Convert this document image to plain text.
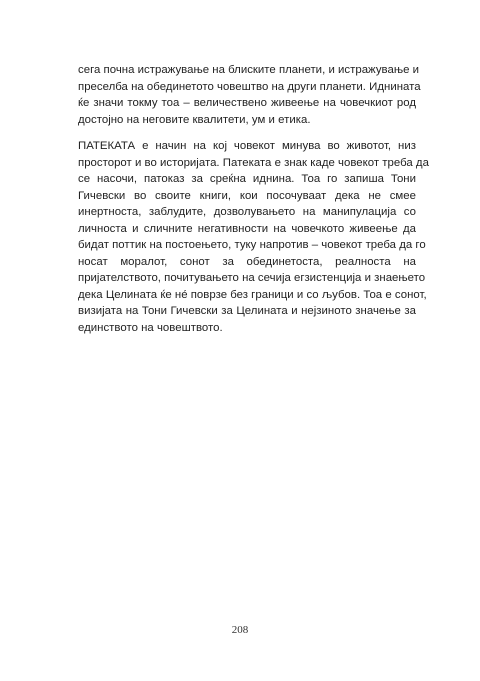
сега почна истражување на блиските планети, и истражување и
преселба на обединетото човештво на други планети. Иднината
ќе значи токму тоа – величествено живеење на човечкиот род
достојно на неговите квалитети, ум и етика.
ПАТЕКАТА е начин на кој човекот минува во животот, низ
просторот и во историјата. Патеката е знак каде човекот треба да
се насочи, патоказ за среќна иднина. Тоа го запиша Тони
Гичевски во своите книги, кои посочуваат дека не смее
инертноста, заблудите, дозволувањето на манипулација со
личноста и сличните негативности на човечкото живеење да
бидат поттик на постоењето, туку напротив – човекот треба да го
носат моралот, сонот за обединетоста, реалноста на
пријателството, почитувањето на сечија егзистенција и знаењето
дека Целината ќе не́ поврзе без граници и со љубов. Тоа е сонот,
визијата на Тони Гичевски за Целината и нејзиното значење за
единството на човештвото.
208
